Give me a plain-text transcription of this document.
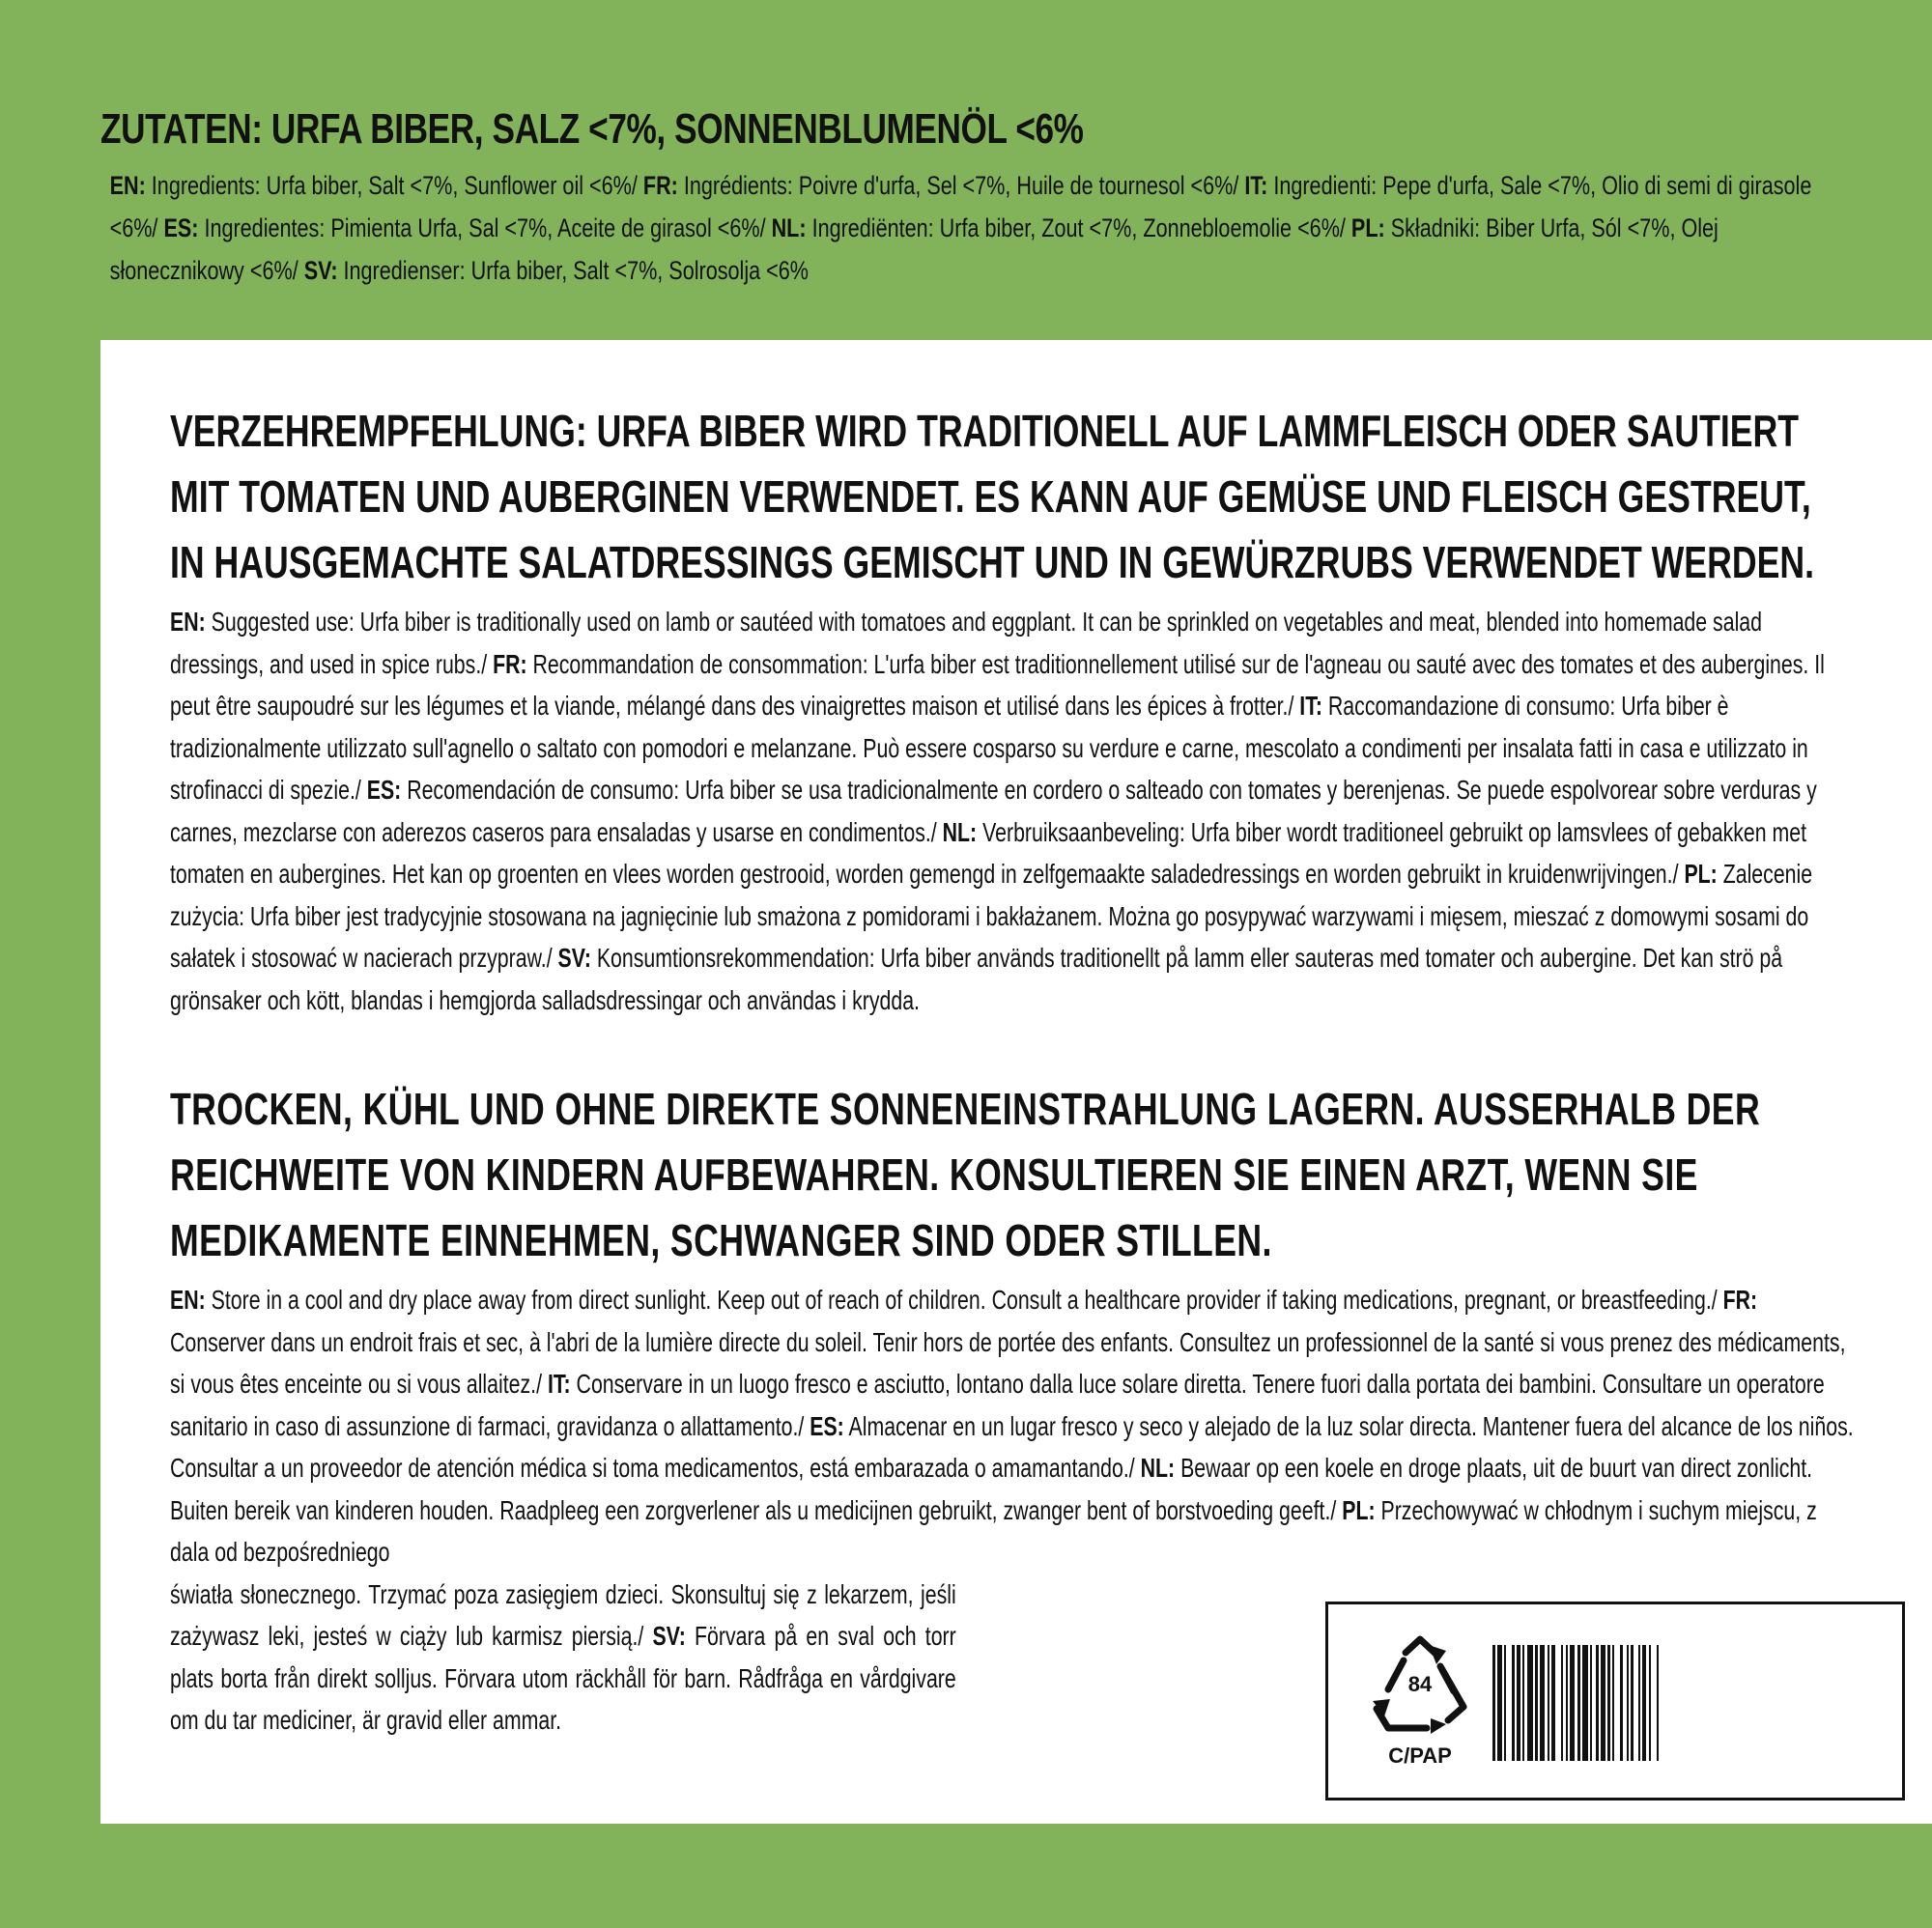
ZUTATEN: URFA BIBER, SALZ <7%, SONNENBLUMENÖL <6%
EN: Ingredients: Urfa biber, Salt <7%, Sunflower oil <6%/ FR: Ingrédients: Poivre d'urfa, Sel <7%, Huile de tournesol <6%/ IT: Ingredienti: Pepe d'urfa, Sale <7%, Olio di semi di girasole <6%/ ES: Ingredientes: Pimienta Urfa, Sal <7%, Aceite de girasol <6%/ NL: Ingrediënten: Urfa biber, Zout <7%, Zonnebloemolie <6%/ PL: Składniki: Biber Urfa, Sól <7%, Olej słonecznikowy <6%/ SV: Ingredienser: Urfa biber, Salt <7%, Solrosolja <6%
VERZEHREMPFEHLUNG: URFA BIBER WIRD TRADITIONELL AUF LAMMFLEISCH ODER SAUTIERT MIT TOMATEN UND AUBERGINEN VERWENDET. ES KANN AUF GEMÜSE UND FLEISCH GESTREUT, IN HAUSGEMACHTE SALATDRESSINGS GEMISCHT UND IN GEWÜRZRUBS VERWENDET WERDEN.

EN: Suggested use: Urfa biber is traditionally used on lamb or sautéed with tomatoes and eggplant. It can be sprinkled on vegetables and meat, blended into homemade salad dressings, and used in spice rubs./ FR: Recommandation de consommation: L'urfa biber est traditionnellement utilisé sur de l'agneau ou sauté avec des tomates et des aubergines. Il peut être saupoudré sur les légumes et la viande, mélangé dans des vinaigrettes maison et utilisé dans les épices à frotter./ IT: Raccomandazione di consumo: Urfa biber è tradizionalmente utilizzato sull'agnello o saltato con pomodori e melanzane. Può essere cosparso su verdure e carne, mescolato a condimenti per insalata fatti in casa e utilizzato in strofinacci di spezie./ ES: Recomendación de consumo: Urfa biber se usa tradicionalmente en cordero o salteado con tomates y berenjenas. Se puede espolvorear sobre verduras y carnes, mezclarse con aderezos caseros para ensaladas y usarse en condimentos./ NL: Verbruiksaanbeveling: Urfa biber wordt traditioneel gebruikt op lamsvlees of gebakken met tomaten en aubergines. Het kan op groenten en vlees worden gestrooid, worden gemengd in zelfgemaakte saladedressings en worden gebruikt in kruidenwrijvingen./ PL: Zalecenie zużycia: Urfa biber jest tradycyjnie stosowana na jagnięcinie lub smażona z pomidorami i bakłażanem. Można go posypywać warzywami i mięsem, mieszać z domowymi sosami do sałatek i stosować w nacierach przypraw./ SV: Konsumtionsrekommendation: Urfa biber används traditionellt på lamm eller sauteras med tomater och aubergine. Det kan strö på grönsaker och kött, blandas i hemgjorda salladsdressingar och användas i krydda.

TROCKEN, KÜHL UND OHNE DIREKTE SONNENEINSTRAHLUNG LAGERN. AUSSERHALB DER REICHWEITE VON KINDERN AUFBEWAHREN. KONSULTIEREN SIE EINEN ARZT, WENN SIE MEDIKAMENTE EINNEHMEN, SCHWANGER SIND ODER STILLEN.
EN: Store in a cool and dry place away from direct sunlight. Keep out of reach of children. Consult a healthcare provider if taking medications, pregnant, or breastfeeding./ FR: Conserver dans un endroit frais et sec, à l'abri de la lumière directe du soleil. Tenir hors de portée des enfants. Consultez un professionnel de la santé si vous prenez des médicaments, si vous êtes enceinte ou si vous allaitez./ IT: Conservare in un luogo fresco e asciutto, lontano dalla luce solare diretta. Tenere fuori dalla portata dei bambini. Consultare un operatore sanitario in caso di assunzione di farmaci, gravidanza o allattamento./ ES: Almacenar en un lugar fresco y seco y alejado de la luz solar directa. Mantener fuera del alcance de los niños. Consultar a un proveedor de atención médica si toma medicamentos, está embarazada o amamantando./ NL: Bewaar op een koele en droge plaats, uit de buurt van direct zonlicht. Buiten bereik van kinderen houden. Raadpleeg een zorgverlener als u medicijnen gebruikt, zwanger bent of borstvoeding geeft./ PL: Przechowywać w chłodnym i suchym miejscu, z dala od bezpośredniego
światła słonecznego. Trzymać poza zasięgiem dzieci. Skonsultuj się z lekarzem, jeśli zażywasz leki, jesteś w ciąży lub karmisz piersią./ SV: Förvara på en sval och torr plats borta från direkt solljus. Förvara utom räckhåll för barn. Rådfråga en vårdgivare om du tar mediciner, är gravid eller ammar.
84
C/PAP
